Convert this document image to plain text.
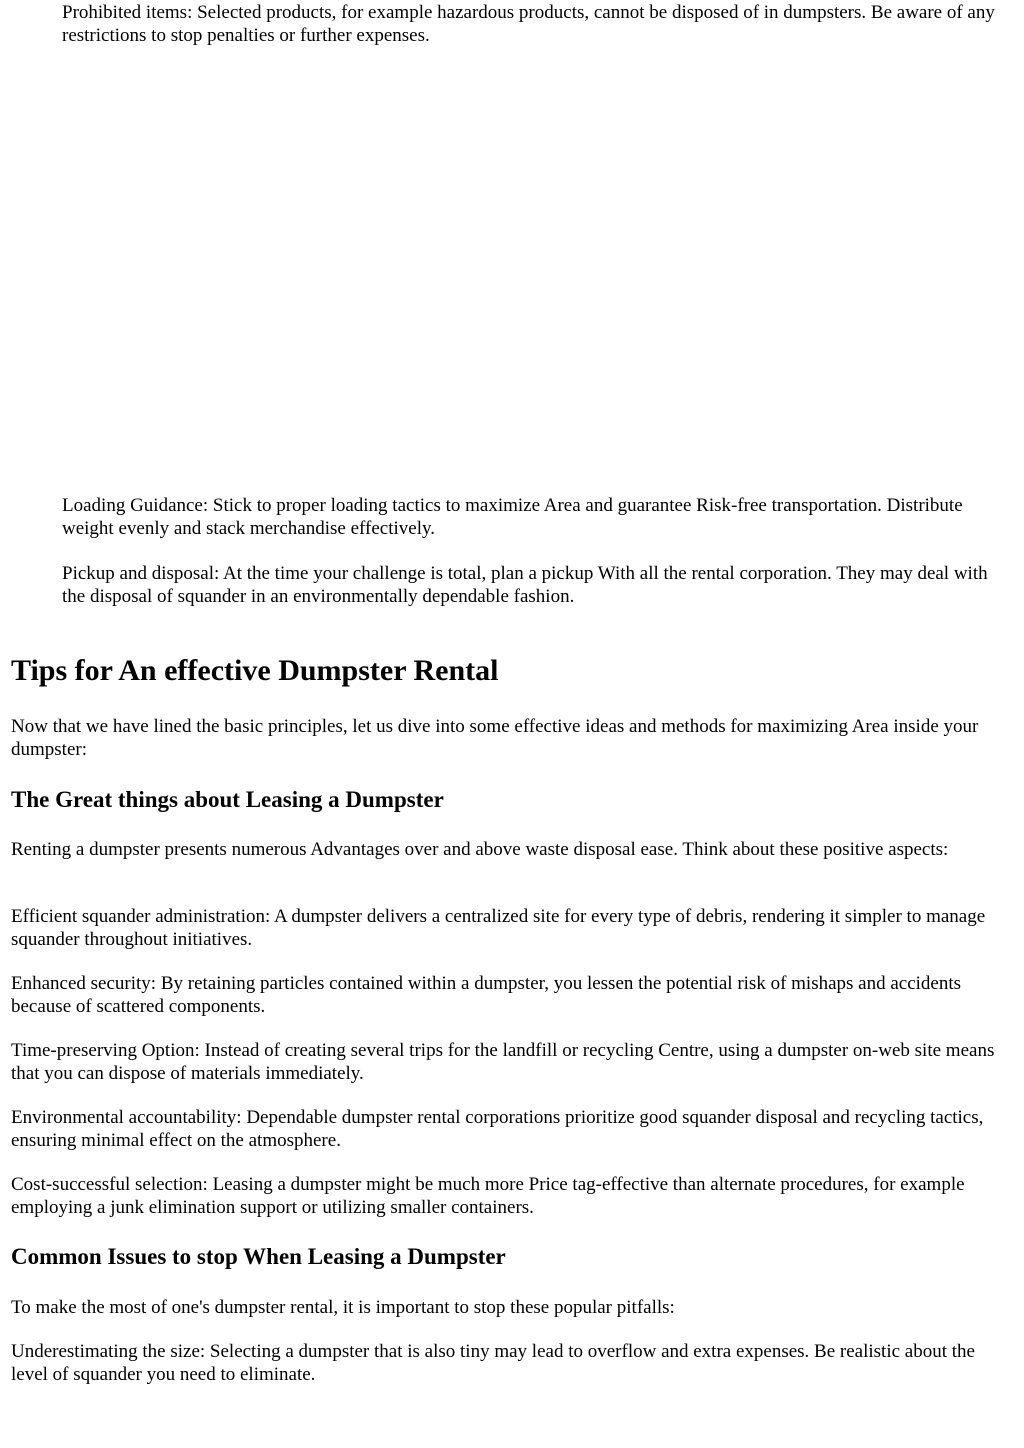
Prohibited items: Selected products, for example hazardous products, cannot be disposed of in dumpsters. Be aware of any restrictions to stop penalties or further expenses.

Loading Guidance: Stick to proper loading tactics to maximize Area and guarantee Risk-free transportation. Distribute weight evenly and stack merchandise effectively.

Pickup and disposal: At the time your challenge is total, plan a pickup With all the rental corporation. They may deal with the disposal of squander in an environmentally dependable fashion.

Tips for An effective Dumpster Rental

Now that we have lined the basic principles, let us dive into some effective ideas and methods for maximizing Area inside your dumpster:

The Great things about Leasing a Dumpster

Renting a dumpster presents numerous Advantages over and above waste disposal ease. Think about these positive aspects:

Efficient squander administration: A dumpster delivers a centralized site for every type of debris, rendering it simpler to manage squander throughout initiatives.

Enhanced security: By retaining particles contained within a dumpster, you lessen the potential risk of mishaps and accidents because of scattered components.

Time-preserving Option: Instead of creating several trips for the landfill or recycling Centre, using a dumpster on-web site means that you can dispose of materials immediately.

Environmental accountability: Dependable dumpster rental corporations prioritize good squander disposal and recycling tactics, ensuring minimal effect on the atmosphere.

Cost-successful selection: Leasing a dumpster might be much more Price tag-effective than alternate procedures, for example employing a junk elimination support or utilizing smaller containers.

Common Issues to stop When Leasing a Dumpster

To make the most of one's dumpster rental, it is important to stop these popular pitfalls:

Underestimating the size: Selecting a dumpster that is also tiny may lead to overflow and extra expenses. Be realistic about the level of squander you need to eliminate.
